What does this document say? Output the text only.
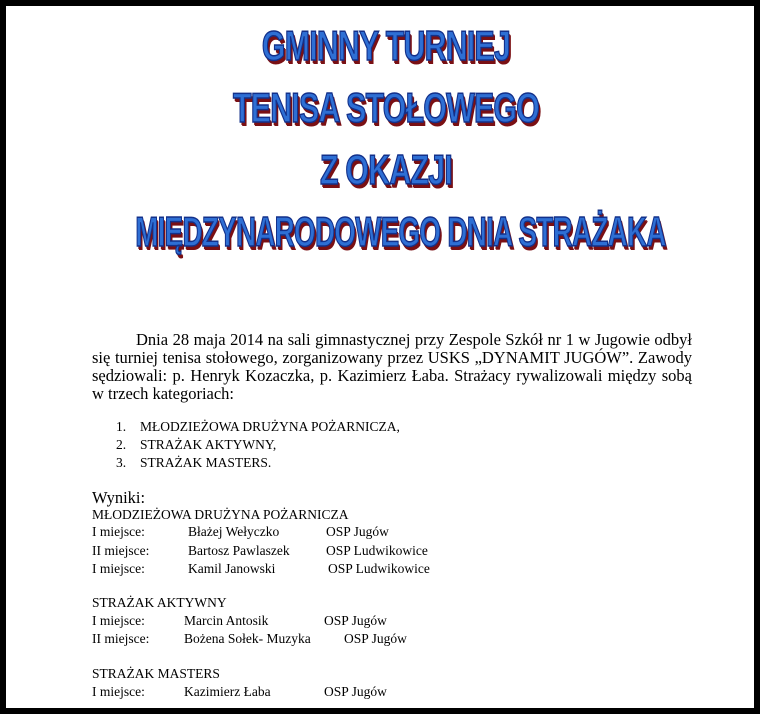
GMINNY TURNIEJ
TENISA STOŁOWEGO
Z OKAZJI
MIĘDZYNARODOWEGO DNIA STRAŻAKA
Dnia 28 maja 2014 na sali gimnastycznej przy Zespole Szkół nr 1 w Jugowie odbył się turniej tenisa stołowego, zorganizowany przez USKS „DYNAMIT JUGÓW”. Zawody sędziowali: p. Henryk Kozaczka, p. Kazimierz Łaba. Strażacy rywalizowali między sobą w trzech kategoriach:
1. MŁODZIEŻOWA DRUŻYNA POŻARNICZA,
2. STRAŻAK AKTYWNY,
3. STRAŻAK MASTERS.
Wyniki:
MŁODZIEŻOWA DRUŻYNA POŻARNICZA
I miejsce:	Błażej Wełyczko	OSP Jugów
II miejsce:	Bartosz Pawlaszek	OSP Ludwikowice
I miejsce:	Kamil Janowski	OSP Ludwikowice
STRAŻAK AKTYWNY
I miejsce:	Marcin Antosik	OSP Jugów
II miejsce:	Bożena Sołek- Muzyka OSP Jugów
STRAŻAK MASTERS
I miejsce:	Kazimierz Łaba	OSP Jugów
